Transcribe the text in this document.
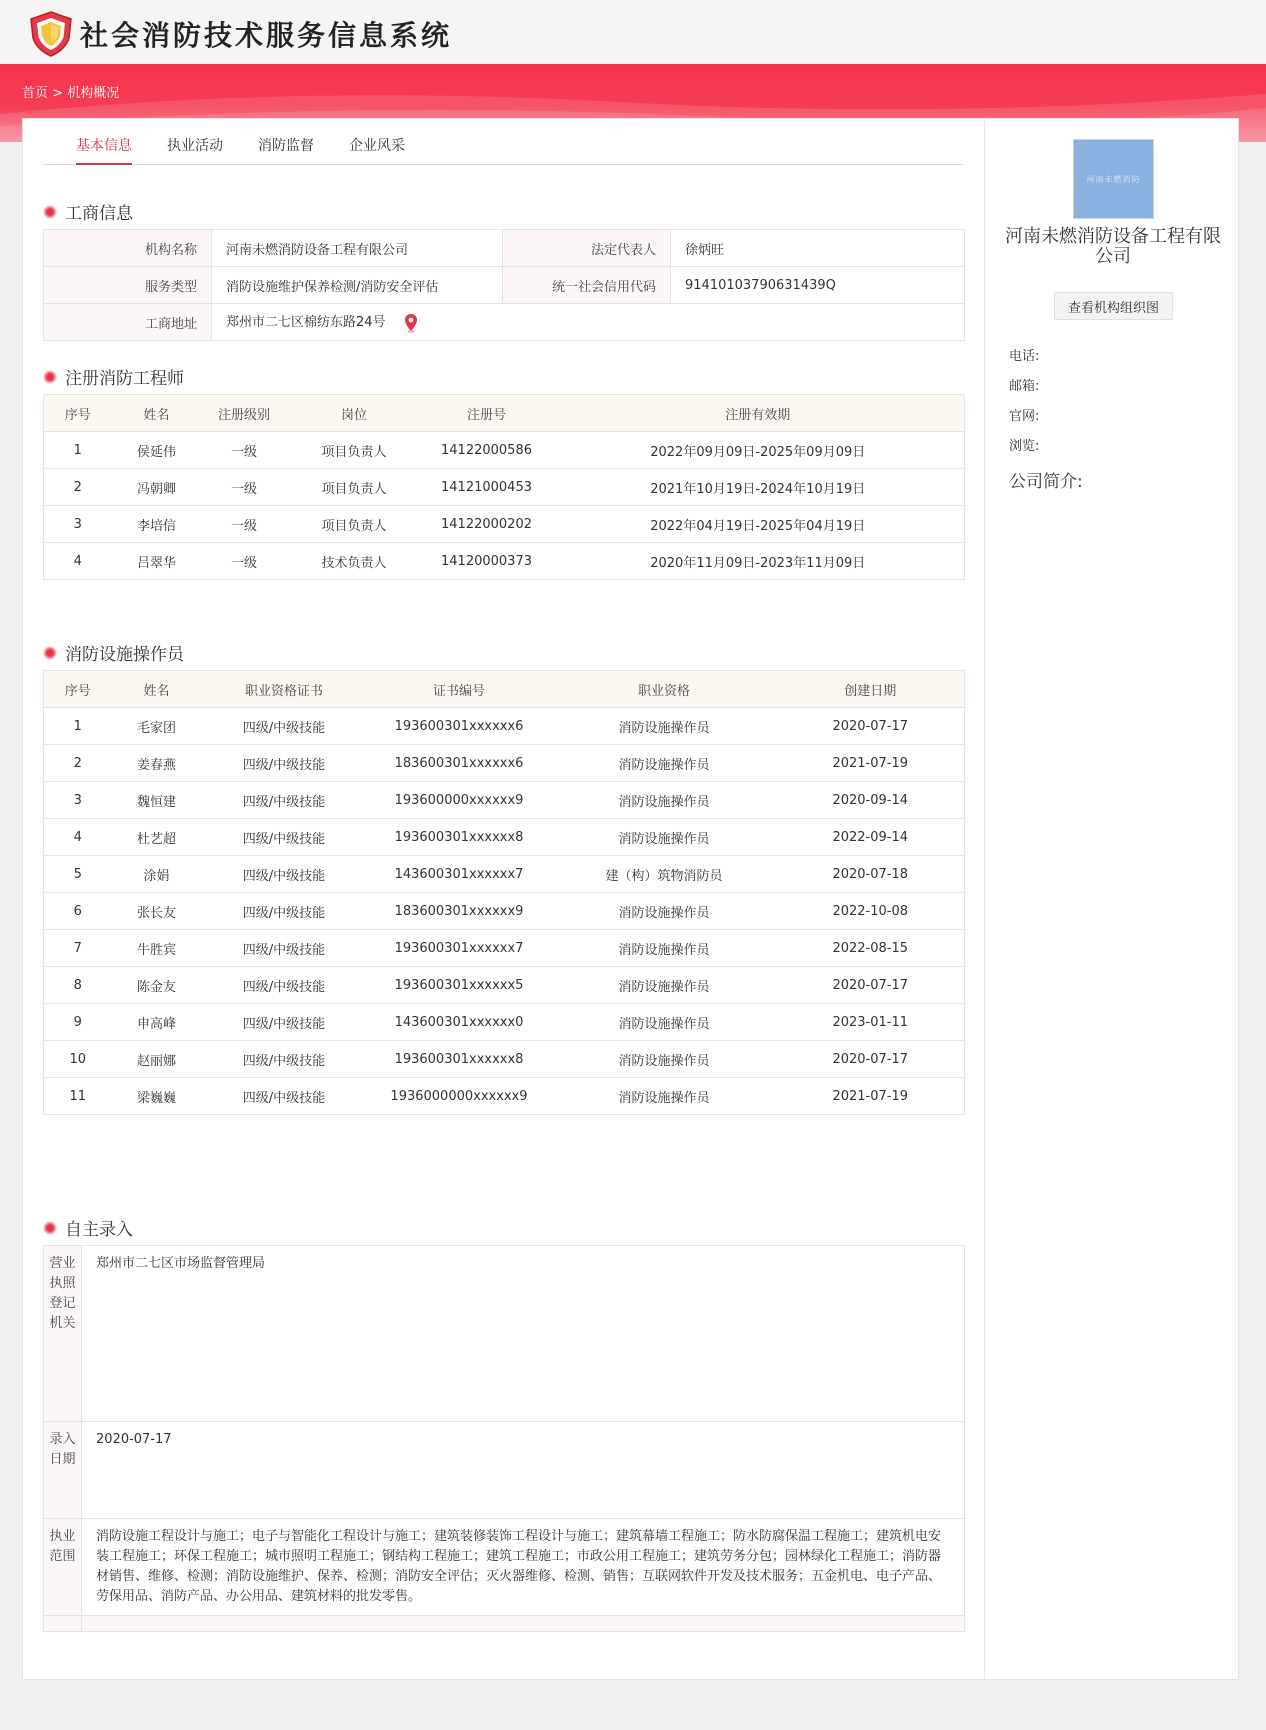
社会消防技术服务信息系统
首页 > 机构概况
基本信息	执业活动	消防监督	企业风采
工商信息
机构名称	河南未燃消防设备工程有限公司	法定代表人	徐炳旺
服务类型	消防设施维护保养检测/消防安全评估	统一社会信用代码	91410103790631439Q
工商地址	郑州市二七区棉纺东路24号		
注册消防工程师
序号	姓名	注册级别	岗位	注册号	注册有效期
1	侯延伟	一级	项目负责人	14122000586	2022年09月09日-2025年09月09日
2	冯朝卿	一级	项目负责人	14121000453	2021年10月19日-2024年10月19日
3	李培信	一级	项目负责人	14122000202	2022年04月19日-2025年04月19日
4	吕翠华	一级	技术负责人	14120000373	2020年11月09日-2023年11月09日
消防设施操作员
序号	姓名	职业资格证书	证书编号	职业资格	创建日期
1	毛家团	四级/中级技能	193600301xxxxxx6	消防设施操作员	2020-07-17
2	姜春燕	四级/中级技能	183600301xxxxxx6	消防设施操作员	2021-07-19
3	魏恒建	四级/中级技能	193600000xxxxxx9	消防设施操作员	2020-09-14
4	杜艺超	四级/中级技能	193600301xxxxxx8	消防设施操作员	2022-09-14
5	涂娟	四级/中级技能	143600301xxxxxx7	建（构）筑物消防员	2020-07-18
6	张长友	四级/中级技能	183600301xxxxxx9	消防设施操作员	2022-10-08
7	牛胜宾	四级/中级技能	193600301xxxxxx7	消防设施操作员	2022-08-15
8	陈金友	四级/中级技能	193600301xxxxxx5	消防设施操作员	2020-07-17
9	申高峰	四级/中级技能	143600301xxxxxx0	消防设施操作员	2023-01-11
10	赵丽娜	四级/中级技能	193600301xxxxxx8	消防设施操作员	2020-07-17
11	梁巍巍	四级/中级技能	1936000000xxxxxx9	消防设施操作员	2021-07-19
自主录入
营业执照登记机关	郑州市二七区市场监督管理局
录入日期	2020-07-17
执业范围	消防设施工程设计与施工；电子与智能化工程设计与施工；建筑装修装饰工程设计与施工；建筑幕墙工程施工；防水防腐保温工程施工；建筑机电安装工程施工；环保工程施工；城市照明工程施工；钢结构工程施工；建筑工程施工；市政公用工程施工；建筑劳务分包；园林绿化工程施工；消防器材销售、维修、检测；消防设施维护、保养、检测；消防安全评估；灭火器维修、检测、销售；互联网软件开发及技术服务；五金机电、电子产品、劳保用品、消防产品、办公用品、建筑材料的批发零售。

河南未燃消防
河南未燃消防设备工程有限公司
查看机构组织图
电话:
邮箱:
官网:
浏览:
公司简介:
